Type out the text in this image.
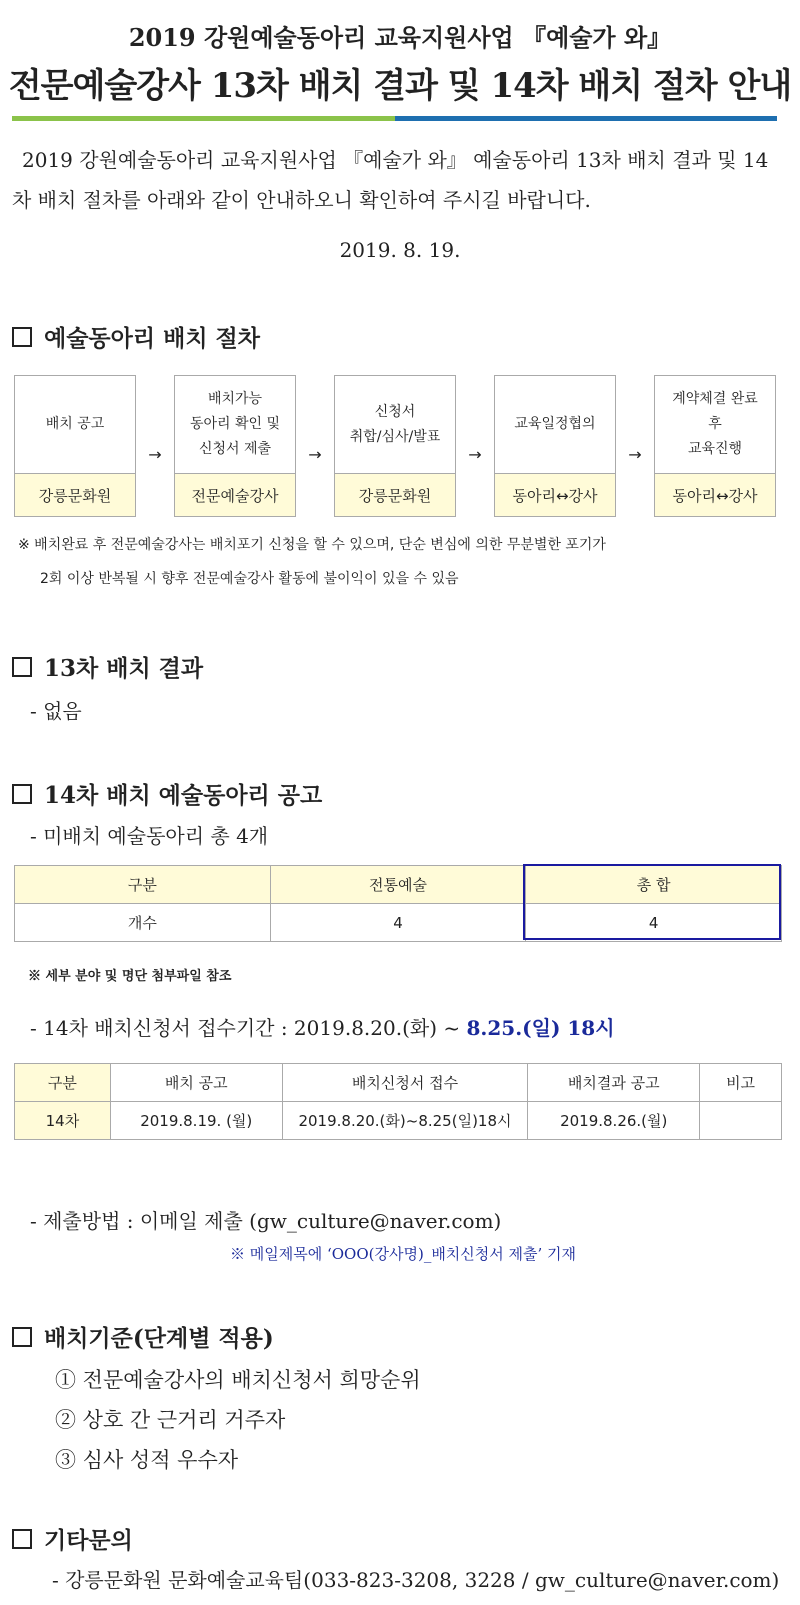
2019 강원예술동아리 교육지원사업 『예술가 와』
전문예술강사 13차 배치 결과 및 14차 배치 절차 안내
2019 강원예술동아리 교육지원사업 『예술가 와』 예술동아리 13차 배치 결과 및 14차 배치 절차를 아래와 같이 안내하오니 확인하여 주시길 바랍니다.
2019. 8. 19.
예술동아리 배치 절차
배치 공고
강릉문화원
→
배치가능
동아리 확인 및
신청서 제출
전문예술강사
→
신청서
취합/심사/발표
강릉문화원
→
교육일정협의
동아리↔강사
→
계약체결 완료
후
교육진행
동아리↔강사
※ 배치완료 후 전문예술강사는 배치포기 신청을 할 수 있으며, 단순 변심에 의한 무분별한 포기가
2회 이상 반복될 시 향후 전문예술강사 활동에 불이익이 있을 수 있음
13차 배치 결과
- 없음
14차 배치 예술동아리 공고
- 미배치 예술동아리 총 4개
구분	전통예술	총 합
개수	4	4
※ 세부 분야 및 명단 첨부파일 참조
- 14차 배치신청서 접수기간 : 2019.8.20.(화) ~ 8.25.(일) 18시
구분	배치 공고	배치신청서 접수	배치결과 공고	비고
14차	2019.8.19. (월)	2019.8.20.(화)~8.25(일)18시	2019.8.26.(월)	
- 제출방법 : 이메일 제출 (gw_culture@naver.com)
※ 메일제목에 ‘OOO(강사명)_배치신청서 제출’ 기재
배치기준(단계별 적용)
① 전문예술강사의 배치신청서 희망순위
② 상호 간 근거리 거주자
③ 심사 성적 우수자
기타문의
- 강릉문화원 문화예술교육팀(033-823-3208, 3228 / gw_culture@naver.com)
